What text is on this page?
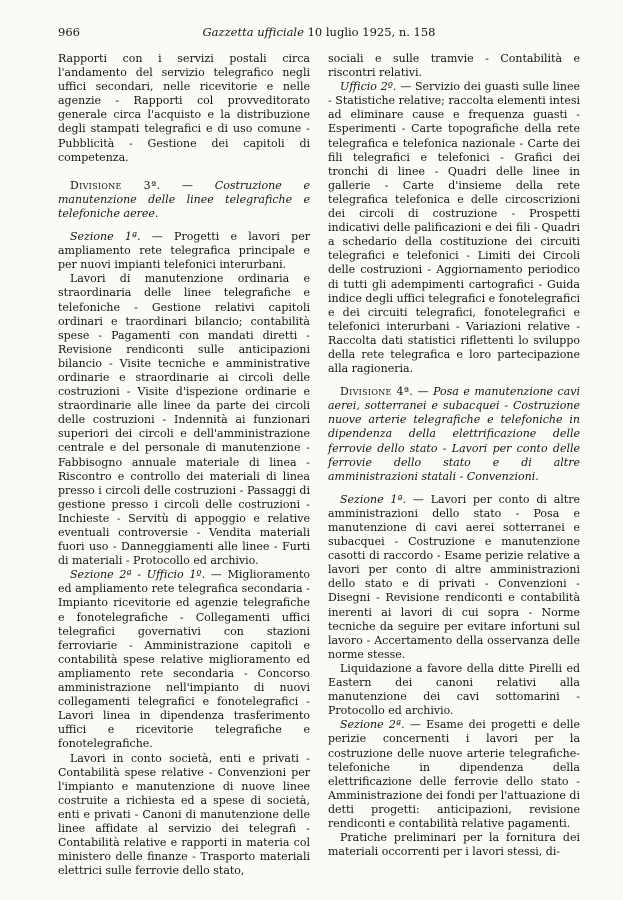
966	Gazzetta ufficiale 10 luglio 1925, n. 158

Rapporti con i servizi postali circa l'andamento del servizio telegrafico negli uffici secondari, nelle ricevitorie e nelle agenzie - Rapporti col provveditorato generale circa l'acquisto e la distribuzione degli stampati telegrafici e di uso comune - Pubblicità - Gestione dei capitoli di competenza.

Divisione 3ª. — Costruzione e manutenzione delle linee telegrafiche e telefoniche aeree.

Sezione 1ª. — Progetti e lavori per ampliamento rete telegrafica principale e per nuovi impianti telefonici interurbani.

Lavori di manutenzione ordinaria e straordinaria delle linee telegrafiche e telefoniche - Gestione relativi capitoli ordinari e traordinari bilancio; contabilità spese - Pagamenti con mandati diretti - Revisione rendiconti sulle anticipazioni bilancio - Visite tecniche e amministrative ordinarie e straordinarie ai circoli delle costruzioni - Visite d'ispezione ordinarie e straordinarie alle linee da parte dei circoli delle costruzioni - Indennità ai funzionari superiori dei circoli e dell'amministrazione centrale e del personale di manutenzione - Fabbisogno annuale materiale di linea - Riscontro e controllo dei materiali di linea presso i circoli delle costruzioni - Passaggi di gestione presso i circoli delle costruzioni - Inchieste - Servitù di appoggio e relative eventuali controversie - Vendita materiali fuori uso - Danneggiamenti alle linee - Furti di materiali - Protocollo ed archivio.

Sezione 2ª - Ufficio 1º. — Miglioramento ed ampliamento rete telegrafica secondaria - Impianto ricevitorie ed agenzie telegrafiche e fonotelegrafiche - Collegamenti uffici telegrafici governativi con stazioni ferroviarie - Amministrazione capitoli e contabilità spese relative miglioramento ed ampliamento rete secondaria - Concorso amministrazione nell'impianto di nuovi collegamenti telegrafici e fonotelegrafici - Lavori linea in dipendenza trasferimento uffici e ricevitorie telegrafiche e fonotelegrafiche.

Lavori in conto società, enti e privati - Contabilità spese relative - Convenzioni per l'impianto e manutenzione di nuove linee costruite a richiesta ed a spese di società, enti e privati - Canoni di manutenzione delle linee affidate al servizio dei telegrafi - Contabilità relative e rapporti in materia col ministero delle finanze - Trasporto materiali elettrici sulle ferrovie dello stato,

sociali e sulle tramvie - Contabilità e riscontri relativi.

Ufficio 2º. — Servizio dei guasti sulle linee - Statistiche relative; raccolta elementi intesi ad eliminare cause e frequenza guasti - Esperimenti - Carte topografiche della rete telegrafica e telefonica nazionale - Carte dei fili telegrafici e telefonici - Grafici dei tronchi di linee - Quadri delle linee in gallerie - Carte d'insieme della rete telegrafica telefonica e delle circoscrizioni dei circoli di costruzione - Prospetti indicativi delle palificazioni e dei fili - Quadri a schedario della costituzione dei circuiti telegrafici e telefonici - Limiti dei Circoli delle costruzioni - Aggiornamento periodico di tutti gli adempimenti cartografici - Guida indice degli uffici telegrafici e fonotelegrafici e dei circuiti telegrafici, fonotelegrafici e telefonici interurbani - Variazioni relative - Raccolta dati statistici riflettenti lo sviluppo della rete telegrafica e loro partecipazione alla ragioneria.

Divisione 4ª. — Posa e manutenzione cavi aerei, sotterranei e subacquei - Costruzione nuove arterie telegrafiche e telefoniche in dipendenza della elettrificazione delle ferrovie dello stato - Lavori per conto delle ferrovie dello stato e di altre amministrazioni statali - Convenzioni.

Sezione 1ª. — Lavori per conto di altre amministrazioni dello stato - Posa e manutenzione di cavi aerei sotterranei e subacquei - Costruzione e manutenzione casotti di raccordo - Esame perizie relative a lavori per conto di altre amministrazioni dello stato e di privati - Convenzioni - Disegni - Revisione rendiconti e contabilità inerenti ai lavori di cui sopra - Norme tecniche da seguire per evitare infortuni sul lavoro - Accertamento della osservanza delle norme stesse.

Liquidazione a favore della ditte Pirelli ed Eastern dei canoni relativi alla manutenzione dei cavi sottomarini - Protocollo ed archivio.

Sezione 2ª. — Esame dei progetti e delle perizie concernenti i lavori per la costruzione delle nuove arterie telegrafiche-telefoniche in dipendenza della elettrificazione delle ferrovie dello stato - Amministrazione dei fondi per l'attuazione di detti progetti: anticipazioni, revisione rendiconti e contabilità relative pagamenti.

Pratiche preliminari per la fornitura dei materiali occorrenti per i lavori stessi, di-
